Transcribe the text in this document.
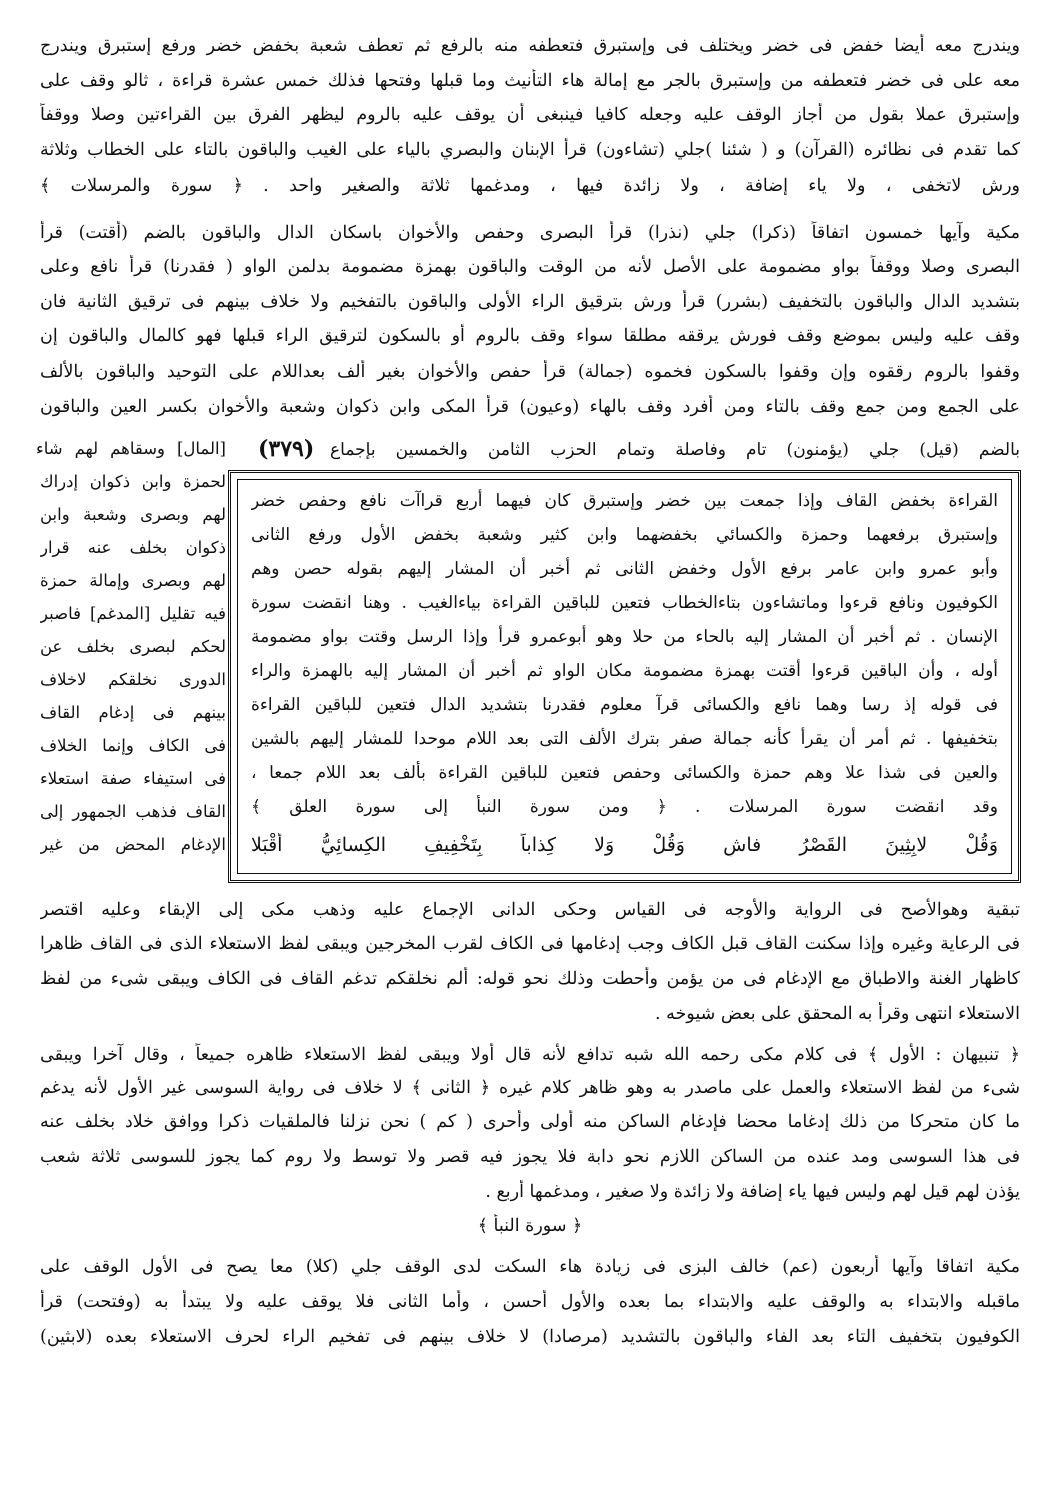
ويندرج معه أيضا خفض فى خضر ويختلف فى وإستبرق فتعطفه منه بالرفع ثم تعطف شعبة بخفض خضر ورفع إستبرق ويندرج
معه على فى خضر فتعطفه من وإستبرق بالجر مع إمالة هاء التأنيث وما قبلها وفتحها فذلك خمس عشرة قراءة ، ثالو وقف على
وإستبرق عملا بقول من أجاز الوقف عليه وجعله كافيا فينبغى أن يوقف عليه بالروم ليظهر الفرق بين القراءتين وصلا ووقفاً
كما تقدم فى نظائره (القرآن) و ( شئنا )جلي (تشاءون) قرأ الإبنان والبصري بالياء على الغيب والباقون بالتاء على الخطاب وثلاثة
ورش لاتخفى ، ولا ياء إضافة ، ولا زائدة فيها ، ومدغمها ثلاثة والصغير واحد . ﴿ سورة والمرسلات ﴾
مكية وآيها خمسون اتفاقاً (ذكرا) جلي (نذرا) قرأ البصرى وحفص والأخوان باسكان الدال والباقون بالضم (أقتت) قرأ
البصرى وصلا ووقفاً بواو مضمومة على الأصل لأنه من الوقت والباقون بهمزة مضمومة بدلمن الواو ( فقدرنا) قرأ نافع وعلى
بتشديد الدال والباقون بالتخفيف (بشرر) قرأ ورش بترقيق الراء الأولى والباقون بالتفخيم ولا خلاف بينهم فى ترقيق الثانية فان
وقف عليه وليس بموضع وقف فورش يرققه مطلقا سواء وقف بالروم أو بالسكون لترقيق الراء قبلها فهو كالمال والباقون إن
وقفوا بالروم رققوه وإن وقفوا بالسكون فخموه (جمالة) قرأ حفص والأخوان بغير ألف بعداللام على التوحيد والباقون بالألف
على الجمع ومن جمع وقف بالتاء ومن أفرد وقف بالهاء (وعيون) قرأ المكى وابن ذكوان وشعبة والأخوان بكسر العين والباقون
(٣٧٩) بالضم (قيل) جلي (يؤمنون) تام وفاصلة وتمام الحزب الثامن والخمسين بإجماع
[المال] وسقاهم لهم شاء
لحمزة وابن ذكوان إدراك
لهم وبصرى وشعبة وابن
ذكوان بخلف عنه قرار
لهم وبصرى وإمالة حمزة
فيه تقليل [المدغم] فاصبر
لحكم لبصرى بخلف عن
الدورى نخلقكم لاخلاف
بينهم فى إدغام القاف
فى الكاف وإنما الخلاف
فى استيفاء صفة استعلاء
القاف فذهب الجمهور إلى
الإدغام المحض من غير
القراءة بخفض القاف وإذا جمعت بين خضر وإستبرق كان فيهما أربع قراآت نافع وحفص خضر
وإستبرق برفعهما وحمزة والكسائي بخفضهما وابن كثير وشعبة بخفض الأول ورفع الثانى
وأبو عمرو وابن عامر برفع الأول وخفض الثانى ثم أخبر أن المشار إليهم بقوله حصن وهم
الكوفيون ونافع قرءوا وماتشاءون بتاءالخطاب فتعين للباقين القراءة بياءالغيب . وهنا انقضت سورة
الإنسان . ثم أخبر أن المشار إليه بالحاء من حلا وهو أبوعمرو قرأ وإذا الرسل وقتت بواو مضمومة
أوله ، وأن الباقين قرءوا أقتت بهمزة مضمومة مكان الواو ثم أخبر أن المشار إليه بالهمزة والراء
فى قوله إذ رسا وهما نافع والكسائى قرآ معلوم فقدرنا بتشديد الدال فتعين للباقين القراءة
بتخفيفها . ثم أمر أن يقرأ كأنه جمالة صفر بترك الألف التى بعد اللام موحدا للمشار إليهم بالشين
والعين فى شذا علا وهم حمزة والكسائى وحفص فتعين للباقين القراءة بألف بعد اللام جمعا ،
وقد انقضت سورة المرسلات . ﴿ ومن سورة النبأ إلى سورة العلق ﴾
وَقُلْ لابِثِينَ القَصْرُ فاشٍ وَقُلْ وَلا كِذاباً بِتَخْفِيفِ الكِسائِيُّ أَقْبَلا
تبقية وهوالأصح فى الرواية والأوجه فى القياس وحكى الدانى الإجماع عليه وذهب مكى إلى الإبقاء وعليه اقتصر
فى الرعاية وغيره وإذا سكنت القاف قبل الكاف وجب إدغامها فى الكاف لقرب المخرجين ويبقى لفظ الاستعلاء الذى فى القاف ظاهرا
كاظهار الغنة والاطباق مع الإدغام فى من يؤمن وأحطت وذلك نحو قوله: ألم نخلقكم تدغم القاف فى الكاف ويبقى شىء من لفظ
الاستعلاء انتهى وقرأ به المحقق على بعض شيوخه .
﴿ تنبيهان : الأول ﴾ فى كلام مكى رحمه الله شبه تدافع لأنه قال أولا ويبقى لفظ الاستعلاء ظاهره جميعاً ، وقال آخرا ويبقى
شىء من لفظ الاستعلاء والعمل على ماصدر به وهو ظاهر كلام غيره ﴿ الثانى ﴾ لا خلاف فى رواية السوسى غير الأول لأنه يدغم
ما كان متحركا من ذلك إدغاما محضا فإدغام الساكن منه أولى وأحرى ( كم ) نحن نزلنا فالملقيات ذكرا ووافق خلاد بخلف عنه
فى هذا السوسى ومد عنده من الساكن اللازم نحو دابة فلا يجوز فيه قصر ولا توسط ولا روم كما يجوز للسوسى ثلاثة شعب
يؤذن لهم قيل لهم وليس فيها ياء إضافة ولا زائدة ولا صغير ، ومدغمها أربع .
﴿ سورة النبأ ﴾
مكية اتفاقا وآيها أربعون (عم) خالف البزى فى زيادة هاء السكت لدى الوقف جلي (كلا) معا يصح فى الأول الوقف على
ماقبله والابتداء به والوقف عليه والابتداء بما بعده والأول أحسن ، وأما الثانى فلا يوقف عليه ولا يبتدأ به (وفتحت) قرأ
الكوفيون بتخفيف التاء بعد الفاء والباقون بالتشديد (مرصادا) لا خلاف بينهم فى تفخيم الراء لحرف الاستعلاء بعده (لابثين)
